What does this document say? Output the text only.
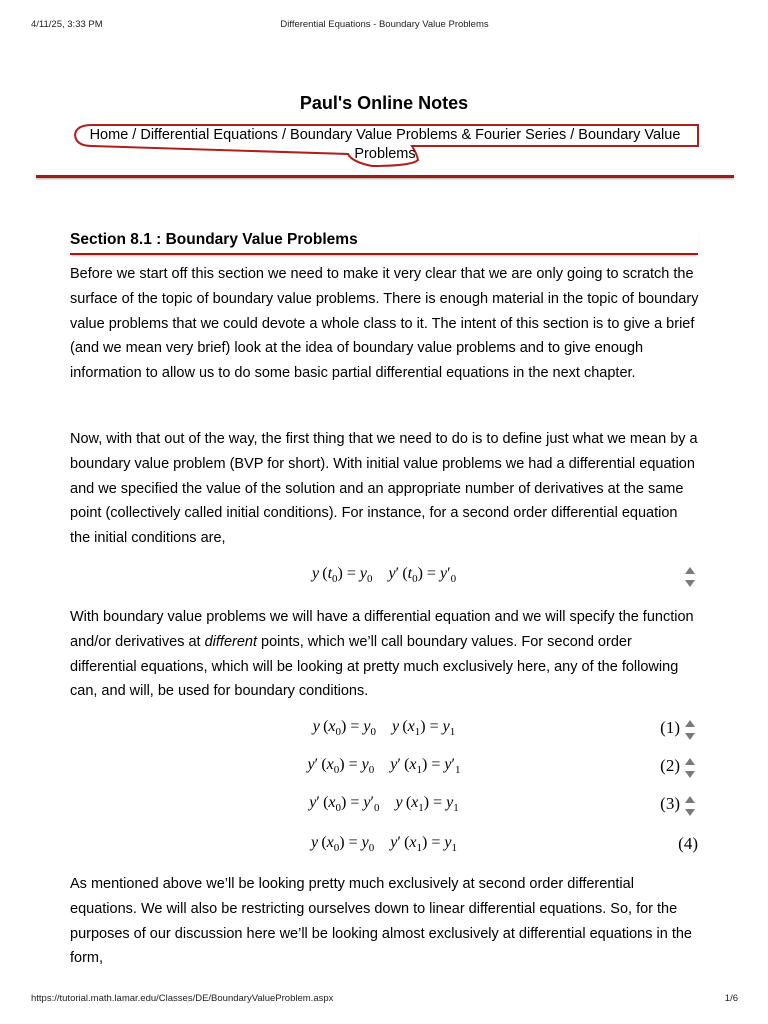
4/11/25, 3:33 PM	Differential Equations - Boundary Value Problems
Paul's Online Notes
Home / Differential Equations / Boundary Value Problems & Fourier Series / Boundary Value Problems
Section 8.1 : Boundary Value Problems
Before we start off this section we need to make it very clear that we are only going to scratch the surface of the topic of boundary value problems. There is enough material in the topic of boundary value problems that we could devote a whole class to it. The intent of this section is to give a brief (and we mean very brief) look at the idea of boundary value problems and to give enough information to allow us to do some basic partial differential equations in the next chapter.
Now, with that out of the way, the first thing that we need to do is to define just what we mean by a boundary value problem (BVP for short). With initial value problems we had a differential equation and we specified the value of the solution and an appropriate number of derivatives at the same point (collectively called initial conditions). For instance, for a second order differential equation the initial conditions are,
y $(t_0) = y_0$ y′ $(t_0) = y'_0$
With boundary value problems we will have a differential equation and we will specify the function and/or derivatives at different points, which we’ll call boundary values. For second order differential equations, which will be looking at pretty much exclusively here, any of the following can, and will, be used for boundary conditions.
y $(x_0) = y_0$ y $(x_1) = y_1$	(1)
y′ $(x_0) = y_0$ y′ $(x_1) = y'_1$	(2)
y′ $(x_0) = y'_0$ y $(x_1) = y_1$	(3)
y $(x_0) = y_0$ y′ $(x_1) = y_1$	(4)
As mentioned above we’ll be looking pretty much exclusively at second order differential equations. We will also be restricting ourselves down to linear differential equations. So, for the purposes of our discussion here we’ll be looking almost exclusively at differential equations in the form,
https://tutorial.math.lamar.edu/Classes/DE/BoundaryValueProblem.aspx	1/6
